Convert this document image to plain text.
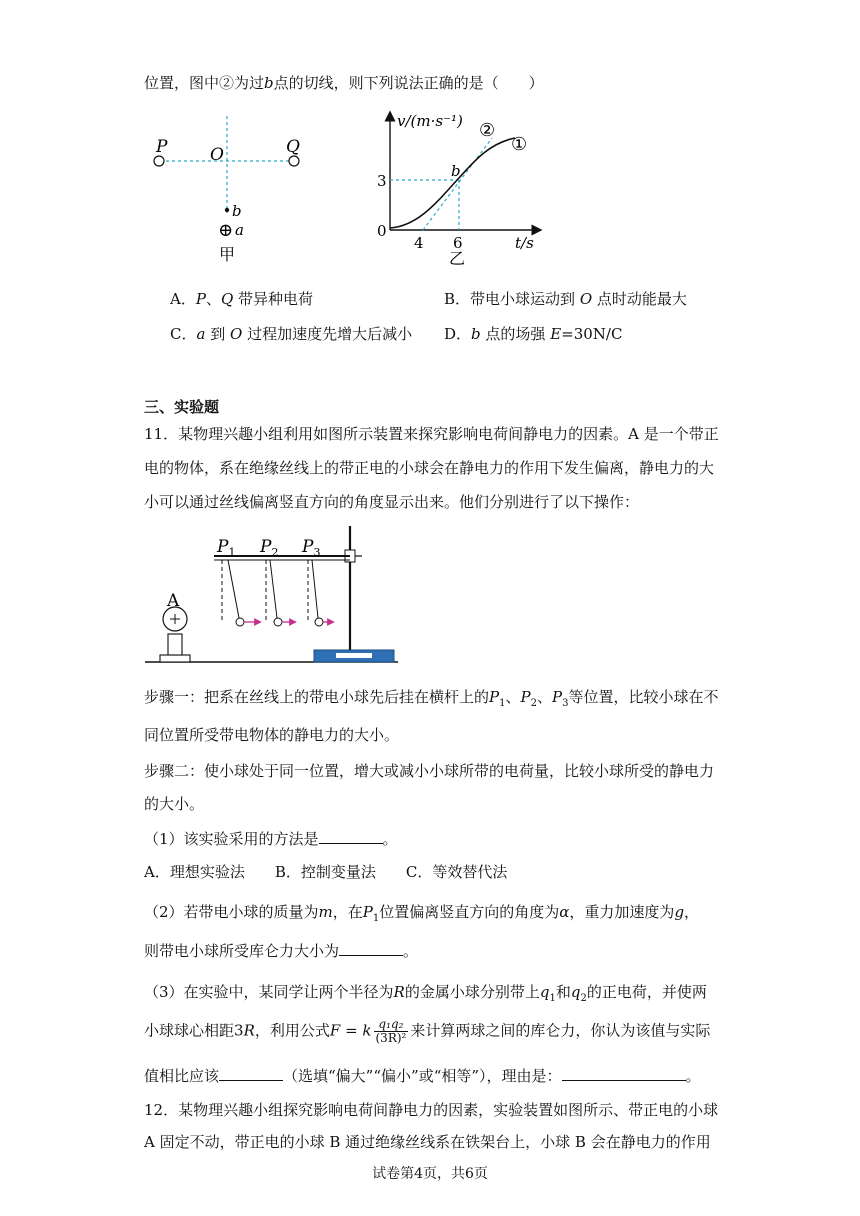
位置，图中②为过b点的切线，则下列说法正确的是（　　）
P	O	Q
b
⊕ a
甲
v/(m·s⁻¹)
0
3
4 6	t/s
b
②
①
乙
A．P、Q 带异种电荷	B．带电小球运动到 O 点时动能最大
C．a 到 O 过程加速度先增大后减小 D．b 点的场强 E=30N/C
三、实验题
11．某物理兴趣小组利用如图所示装置来探究影响电荷间静电力的因素。A 是一个带正
电的物体，系在绝缘丝线上的带正电的小球会在静电力的作用下发生偏离，静电力的大
小可以通过丝线偏离竖直方向的角度显示出来。他们分别进行了以下操作：
A
$P_1$ $P_2$ $P_3$
步骤一：把系在丝线上的带电小球先后挂在横杆上的$P_1$、$P_2$、$P_3$等位置，比较小球在不
同位置所受带电物体的静电力的大小。
步骤二：使小球处于同一位置，增大或减小小球所带的电荷量，比较小球所受的静电力
的大小。
（1）该实验采用的方法是	。
A．理想实验法　　B．控制变量法　　C．等效替代法
（2）若带电小球的质量为m，在$P_1$位置偏离竖直方向的角度为α，重力加速度为g，
则带电小球所受库仑力大小为	。
（3）在实验中，某同学让两个半径为R的金属小球分别带上$q_1$和$q_2$的正电荷，并使两
小球球心相距3R，利用公式F = k $\frac{\text{q₁q₂}}{\text{(3R)²}}$ 来计算两球之间的库仑力，你认为该值与实际
值相比应该	（选填“偏大”“偏小”或“相等”），理由是：	。
12．某物理兴趣小组探究影响电荷间静电力的因素，实验装置如图所示、带正电的小球
A 固定不动，带正电的小球 B 通过绝缘丝线系在铁架台上，小球 B 会在静电力的作用
试卷第4页，共6页
